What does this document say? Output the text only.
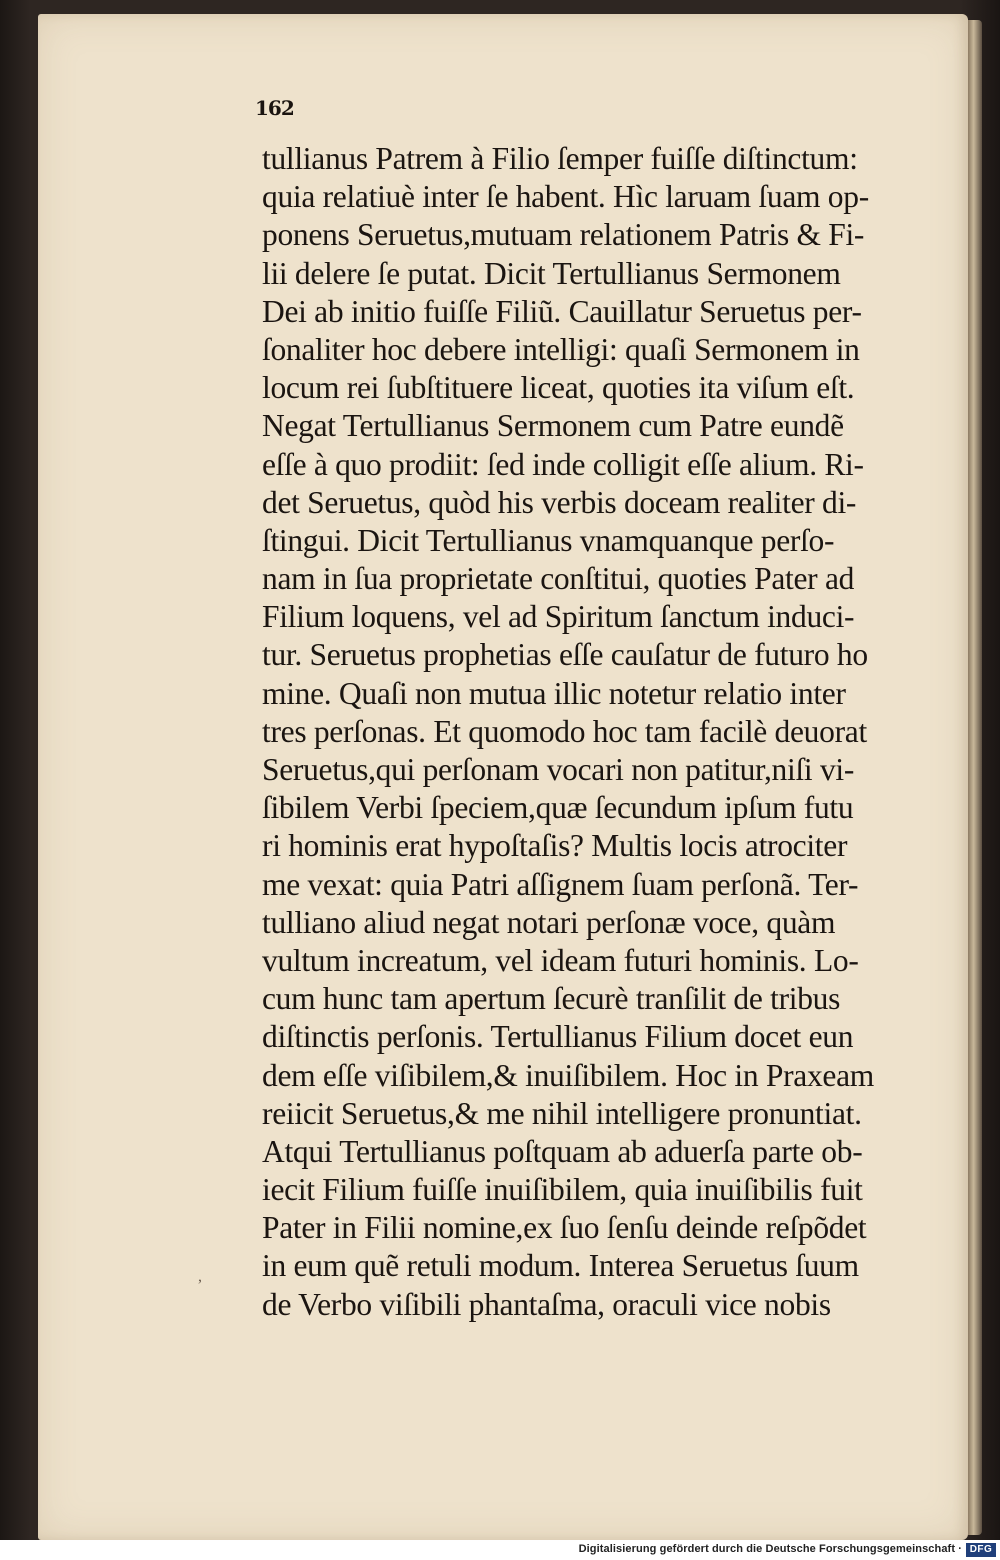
162
tullianus Patrem à Filio ſemper fuiſſe diſtinctum:
quia relatiuè inter ſe habent. Hìc laruam ſuam op-
ponens Seruetus,mutuam relationem Patris & Fi-
lii delere ſe putat. Dicit Tertullianus Sermonem
Dei ab initio fuiſſe Filiũ. Cauillatur Seruetus per-
ſonaliter hoc debere intelligi: quaſi Sermonem in
locum rei ſubſtituere liceat, quoties ita viſum eſt.
Negat Tertullianus Sermonem cum Patre eundẽ
eſſe à quo prodiit: ſed inde colligit eſſe alium. Ri-
det Seruetus, quòd his verbis doceam realiter di-
ſtingui. Dicit Tertullianus vnamquanque perſo-
nam in ſua proprietate conſtitui, quoties Pater ad
Filium loquens, vel ad Spiritum ſanctum induci-
tur. Seruetus prophetias eſſe cauſatur de futuro ho
mine. Quaſi non mutua illic notetur relatio inter
tres perſonas. Et quomodo hoc tam facilè deuorat
Seruetus,qui perſonam vocari non patitur,niſi vi-
ſibilem Verbi ſpeciem,quæ ſecundum ipſum futu
ri hominis erat hypoſtaſis? Multis locis atrociter
me vexat: quia Patri aſſignem ſuam perſonã. Ter-
tulliano aliud negat notari perſonæ voce, quàm
vultum increatum, vel ideam futuri hominis. Lo-
cum hunc tam apertum ſecurè tranſilit de tribus
diſtinctis perſonis. Tertullianus Filium docet eun
dem eſſe viſibilem,& inuiſibilem. Hoc in Praxeam
reiicit Seruetus,& me nihil intelligere pronuntiat.
Atqui Tertullianus poſtquam ab aduerſa parte ob-
iecit Filium fuiſſe inuiſibilem, quia inuiſibilis fuit
Pater in Filii nomine,ex ſuo ſenſu deinde reſpõdet
in eum quẽ retuli modum. Interea Seruetus ſuum
de Verbo viſibili phantaſma, oraculi vice nobis
,
Digitalisierung gefördert durch die Deutsche Forschungsgemeinschaft · DFG
